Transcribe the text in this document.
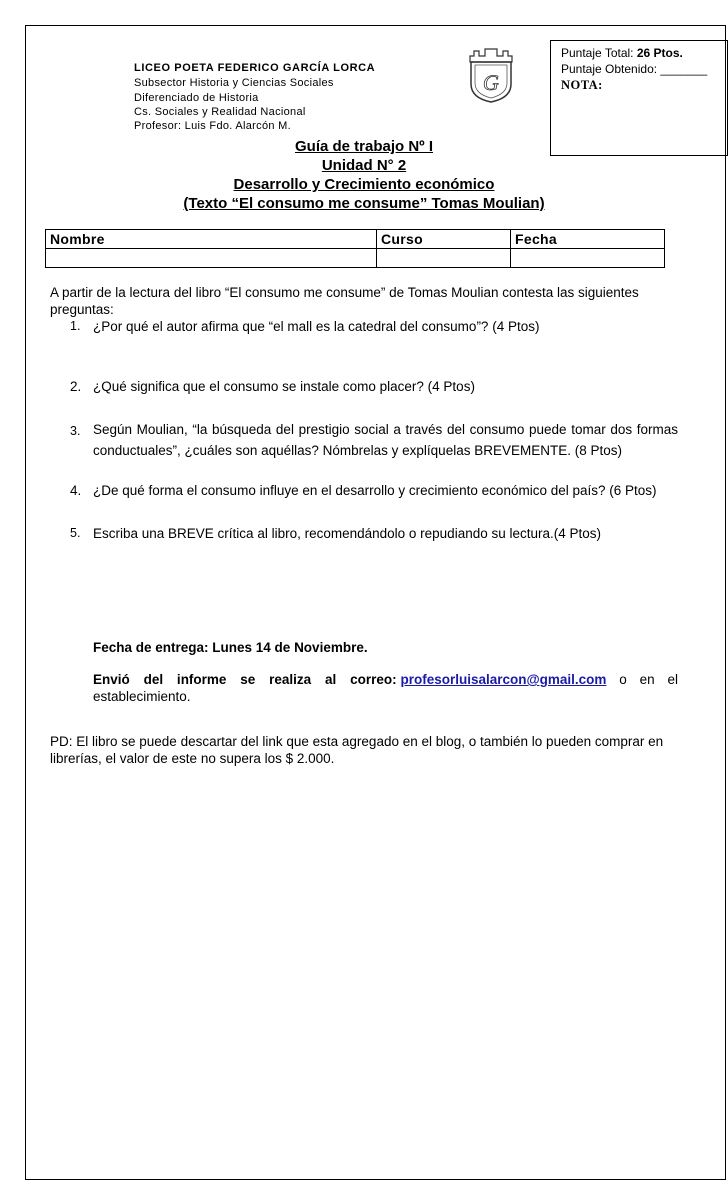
LICEO POETA FEDERICO GARCÍA LORCA
Subsector Historia y Ciencias Sociales
Diferenciado de Historia
Cs. Sociales y Realidad Nacional
Profesor: Luis Fdo. Alarcón M.
G
Puntaje Total: 26 Ptos.
Puntaje Obtenido: _______
NOTA:
Guía de trabajo Nº I
Unidad N° 2
Desarrollo y Crecimiento económico
(Texto “El consumo me consume” Tomas Moulian)
Nombre	Curso	Fecha

A partir de la lectura del libro “El consumo me consume” de Tomas Moulian contesta las siguientes preguntas:

1. ¿Por qué el autor afirma que “el mall es la catedral del consumo”? (4 Ptos)
2. ¿Qué significa que el consumo se instale como placer? (4 Ptos)
3. Según Moulian, “la búsqueda del prestigio social a través del consumo puede tomar dos formas conductuales”, ¿cuáles son aquéllas? Nómbrelas y explíquelas BREVEMENTE. (8 Ptos)
4. ¿De qué forma el consumo influye en el desarrollo y crecimiento económico del país? (6 Ptos)
5. Escriba una BREVE crítica al libro, recomendándolo o repudiando su lectura.(4 Ptos)
Fecha de entrega: Lunes 14 de Noviembre.
Envió del informe se realiza al correo: profesorluisalarcon@gmail.com o en el establecimiento.

PD: El libro se puede descartar del link que esta agregado en el blog, o también lo pueden comprar en librerías, el valor de este no supera los $ 2.000.
